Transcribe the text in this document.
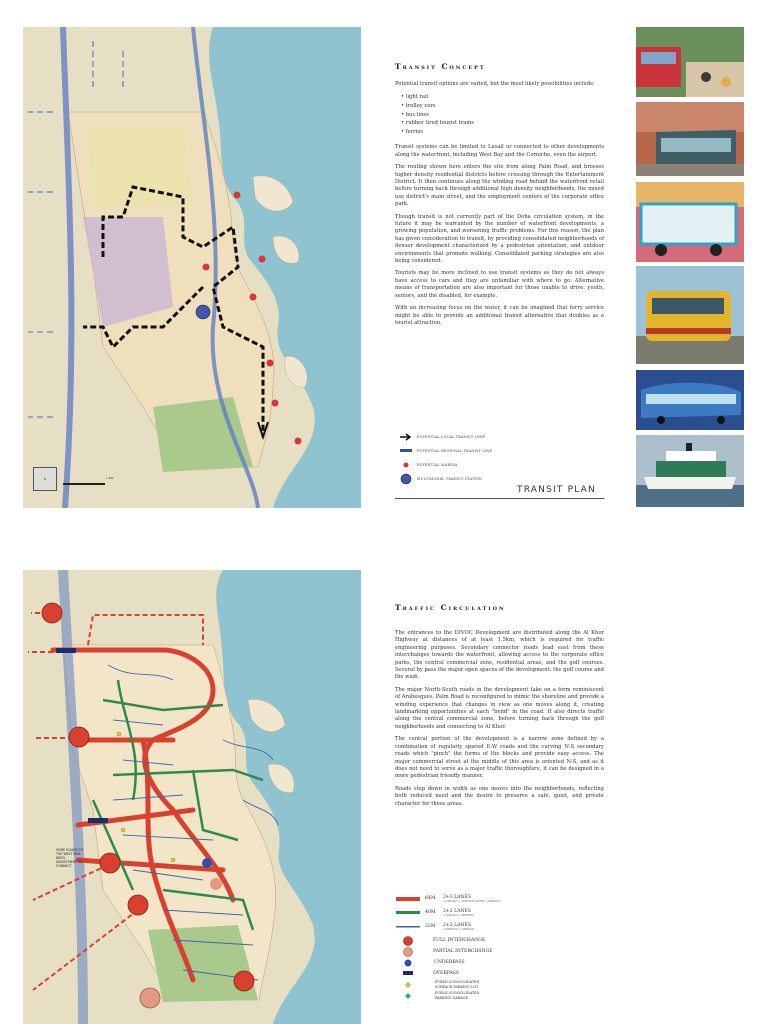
N	1 km
Transit Concept

Potential transit options are varied, but the most likely possibilities include:

• light rail
• trolley cars
• bus lines
• rubber tired tourist trams
• ferries

Transit systems can be limited to Lusail or connected to other developments along the waterfront, including West Bay and the Corniche, even the airport.

The routing shown here enters the site from along Palm Road, and brosses higher density residential districts before crossing through the Entertainment District. It then continues along the winding road behind the waterfront retail before turning back through additional high density neighborhoods, the mixed use district's main street, and the employment centers of the corporate office park.

Though transit is not currently part of the Doha circulation system, in the future it may be warranted by the number of waterfront developments, a growing population, and worsening traffic problems. For this reason, the plan has given consideration to transit, by providing consolidated neighborhoods of denser development characterized by a pedestrian orientation, and outdoor environments that promote walking. Consolidated parking strategies are also being considered.

Tourists may be more inclined to use transit systems as they do not always have access to cars and they are unfamiliar with where to go. Alternative means of transportation are also important for those unable to drive: youth, seniors, and the disabled, for example.

With an increasing focus on the water, it can be imagined that ferry service might be able to provide an additional transit alternative that doubles as a tourist attraction.

POTENTIAL LOCAL TRANSIT LOOP
POTENTIAL REGIONAL TRANSIT LINE
POTENTIAL MARINA
MULTIMODAL TRANSIT STATION
TRANSIT PLAN
SOME ROADS TO THE WEST WILL NEED ADJUSTMENT TO CONNECT
Traffic Circulation

The entrances to the DIVOC Development are distributed along the Al Khor Highway at distances of at least 1.5km, which is required for traffic engineering purposes. Secondary connector roads lead east from these interchanges towards the waterfront, allowing access to the corporate office parks, the central commercial zone, residential areas, and the golf courses. Several by pass the major open spaces of the development: the golf course and the wadi.

The major North-South roads in the development take on a form reminiscent of Arabesques. Palm Road is reconfigured to mimic the shoreline and provide a winding experience that changes in view as one moves along it, creating landmarking opportunities at each "bend" in the road. It also directs traffic along the central commercial zone, before turning back through the golf neighborhoods and connecting to Al Khor.

The central portion of the development is a narrow zone defined by a combination of regularly spaced E-W roads and the curving N-S secondary roads which "pinch" the forms of the blocks and provide easy access. The major commercial street at the middle of this area is oriented N-S, and as it does not need to serve as a major traffic thoroughfare, it can be designed in a more pedestrian friendly manner.

Roads step down in width as one moves into the neighborhoods, reflecting both reduced need and the desire to preserve a safe, quiet, and private character for these areas.

64M	3+3 LANES
+ MEDIAN + SERVICE LANES + PARKING
40M	2+2 LANES
+ MEDIAN + PARKING
32M	2+2 LANES
+ PARKING + MEDIAN
FULL INTERCHANGE
PARTIAL INTERCHANGE
UNDERPASS
OVERPASS
PUBLIC/CONSOLIDATED SURFACE PARKING LOT
PUBLIC/CONSOLIDATED PARKING GARAGE
